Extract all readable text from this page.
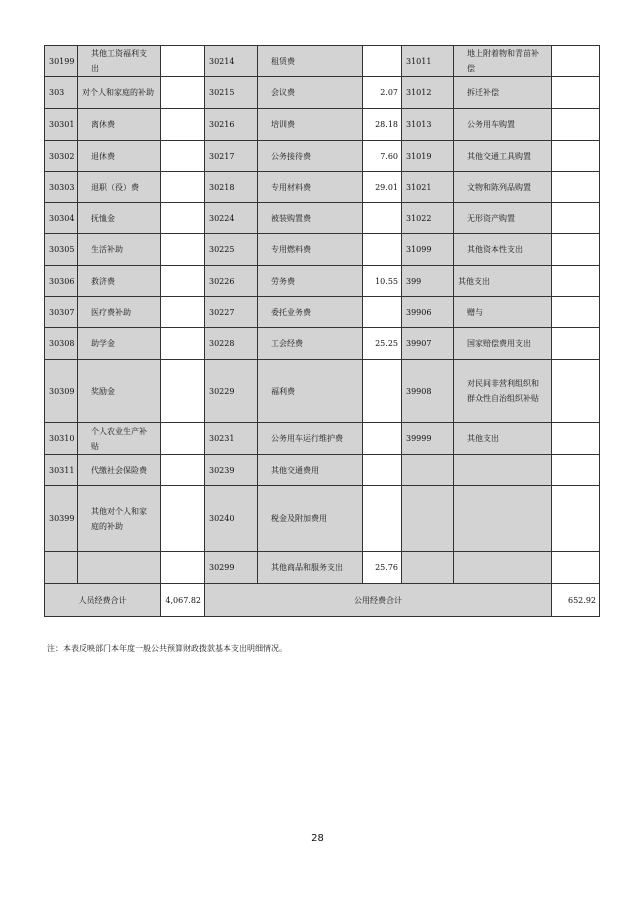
30199	其他工资福利支出		30214	租赁费		31011	地上附着物和青苗补偿	
303	对个人和家庭的补助		30215	会议费	2.07	31012	拆迁补偿	
30301	离休费		30216	培训费	28.18	31013	公务用车购置	
30302	退休费		30217	公务接待费	7.60	31019	其他交通工具购置	
30303	退职（役）费		30218	专用材料费	29.01	31021	文物和陈列品购置	
30304	抚恤金		30224	被装购置费		31022	无形资产购置	
30305	生活补助		30225	专用燃料费		31099	其他资本性支出	
30306	救济费		30226	劳务费	10.55	399	其他支出	
30307	医疗费补助		30227	委托业务费		39906	赠与	
30308	助学金		30228	工会经费	25.25	39907	国家赔偿费用支出	
30309	奖励金		30229	福利费		39908	对民间非营利组织和群众性自治组织补贴	
30310	个人农业生产补贴		30231	公务用车运行维护费		39999	其他支出	
30311	代缴社会保险费		30239	其他交通费用				
30399	其他对个人和家庭的补助		30240	税金及附加费用				
			30299	其他商品和服务支出	25.76			
人员经费合计		4,067.82	公用经费合计					652.92
注：本表反映部门本年度一般公共预算财政拨款基本支出明细情况。
28
